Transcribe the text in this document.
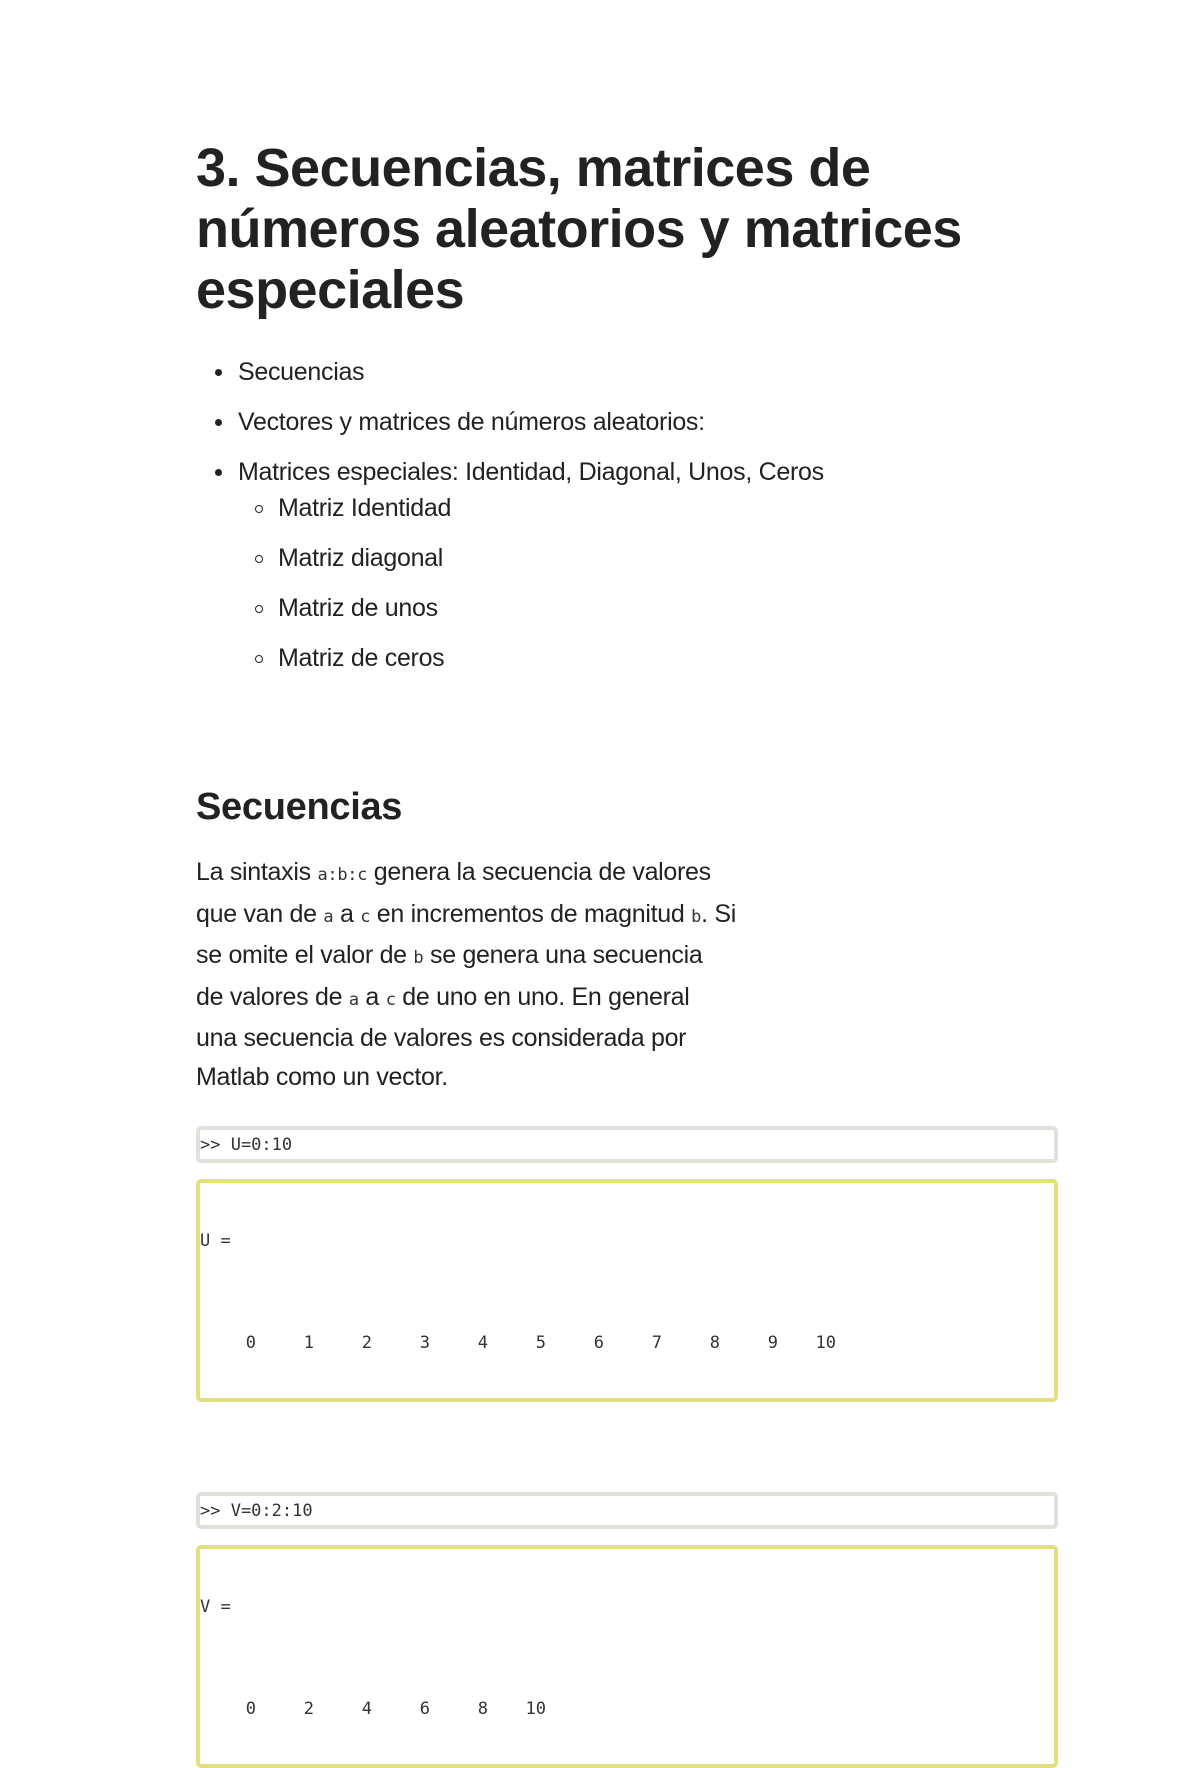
3. Secuencias, matrices de números aleatorios y matrices especiales
Secuencias
Vectores y matrices de números aleatorios:
Matrices especiales: Identidad, Diagonal, Unos, Ceros
Matriz Identidad
Matriz diagonal
Matriz de unos
Matriz de ceros
Secuencias

La sintaxis a:b:c genera la secuencia de valores que van de a a c en incrementos de magnitud b. Si se omite el valor de b se genera una secuencia de valores de a a c de uno en uno. En general una secuencia de valores es considerada por Matlab como un vector.

>> U=0:10

U =

0	1	2	3	4	5	6	7	8	9	10

>> V=0:2:10

V =

0	2	4	6	8	10
